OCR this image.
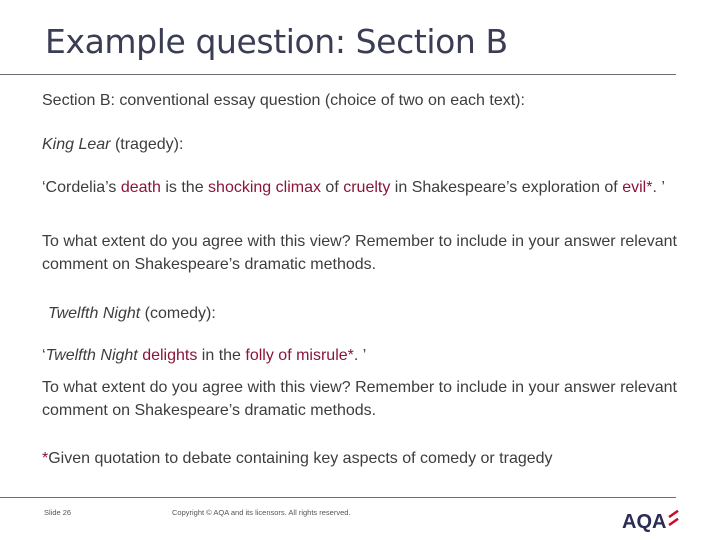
Example question: Section B
Section B: conventional essay question (choice of two on each text):
King Lear (tragedy):
‘Cordelia’s death is the shocking climax of cruelty in Shakespeare’s exploration of evil*. ’
To what extent do you agree with this view? Remember to include in your answer relevant comment on Shakespeare’s dramatic methods.
Twelfth Night (comedy):
‘Twelfth Night delights in the folly of misrule*. ’
To what extent do you agree with this view? Remember to include in your answer relevant comment on Shakespeare’s dramatic methods.
*Given quotation to debate containing key aspects of comedy or tragedy
Slide 26	Copyright © AQA and its licensors. All rights reserved.	AQA
